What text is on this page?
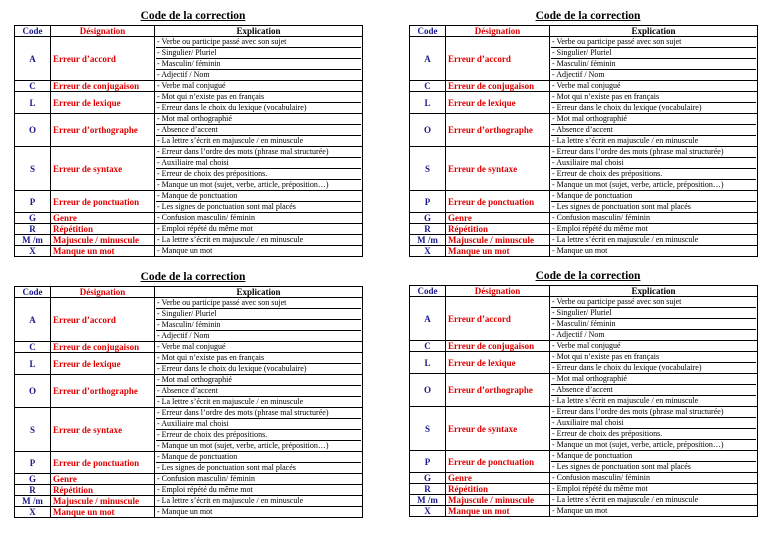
Code de la correction
Code	Désignation	Explication
A	Erreur d’accord	- Verbe ou participe passé avec son sujet
- Singulier/ Pluriel
- Masculin/ féminin
- Adjectif / Nom

C	Erreur de conjugaison	- Verbe mal conjugué

L	Erreur de lexique	- Mot qui n’existe pas en français
- Erreur dans le choix du lexique (vocabulaire)

O	Erreur d’orthographe	- Mot mal orthographié
- Absence d’accent
- La lettre s’écrit en majuscule / en minuscule

S	Erreur de syntaxe	- Erreur dans l’ordre des mots (phrase mal structurée)
- Auxiliaire mal choisi
- Erreur de choix des prépositions.
- Manque un mot (sujet, verbe, article, préposition…)

P	Erreur de ponctuation	- Manque de ponctuation
- Les signes de ponctuation sont mal placés

G	Genre	- Confusion masculin/ féminin

R	Répétition	- Emploi répété du même mot

M /m	Majuscule / minuscule	- La lettre s’écrit en majuscule / en minuscule

X	Manque un mot	- Manque un mot
Code de la correction
Code	Désignation	Explication
A	Erreur d’accord	- Verbe ou participe passé avec son sujet
- Singulier/ Pluriel
- Masculin/ féminin
- Adjectif / Nom

C	Erreur de conjugaison	- Verbe mal conjugué

L	Erreur de lexique	- Mot qui n’existe pas en français
- Erreur dans le choix du lexique (vocabulaire)

O	Erreur d’orthographe	- Mot mal orthographié
- Absence d’accent
- La lettre s’écrit en majuscule / en minuscule

S	Erreur de syntaxe	- Erreur dans l’ordre des mots (phrase mal structurée)
- Auxiliaire mal choisi
- Erreur de choix des prépositions.
- Manque un mot (sujet, verbe, article, préposition…)

P	Erreur de ponctuation	- Manque de ponctuation
- Les signes de ponctuation sont mal placés

G	Genre	- Confusion masculin/ féminin

R	Répétition	- Emploi répété du même mot

M /m	Majuscule / minuscule	- La lettre s’écrit en majuscule / en minuscule

X	Manque un mot	- Manque un mot
Code de la correction
Code	Désignation	Explication
A	Erreur d’accord	- Verbe ou participe passé avec son sujet
- Singulier/ Pluriel
- Masculin/ féminin
- Adjectif / Nom

C	Erreur de conjugaison	- Verbe mal conjugué

L	Erreur de lexique	- Mot qui n’existe pas en français
- Erreur dans le choix du lexique (vocabulaire)

O	Erreur d’orthographe	- Mot mal orthographié
- Absence d’accent
- La lettre s’écrit en majuscule / en minuscule

S	Erreur de syntaxe	- Erreur dans l’ordre des mots (phrase mal structurée)
- Auxiliaire mal choisi
- Erreur de choix des prépositions.
- Manque un mot (sujet, verbe, article, préposition…)

P	Erreur de ponctuation	- Manque de ponctuation
- Les signes de ponctuation sont mal placés

G	Genre	- Confusion masculin/ féminin

R	Répétition	- Emploi répété du même mot

M /m	Majuscule / minuscule	- La lettre s’écrit en majuscule / en minuscule

X	Manque un mot	- Manque un mot
Code de la correction
Code	Désignation	Explication
A	Erreur d’accord	- Verbe ou participe passé avec son sujet
- Singulier/ Pluriel
- Masculin/ féminin
- Adjectif / Nom

C	Erreur de conjugaison	- Verbe mal conjugué

L	Erreur de lexique	- Mot qui n’existe pas en français
- Erreur dans le choix du lexique (vocabulaire)

O	Erreur d’orthographe	- Mot mal orthographié
- Absence d’accent
- La lettre s’écrit en majuscule / en minuscule

S	Erreur de syntaxe	- Erreur dans l’ordre des mots (phrase mal structurée)
- Auxiliaire mal choisi
- Erreur de choix des prépositions.
- Manque un mot (sujet, verbe, article, préposition…)

P	Erreur de ponctuation	- Manque de ponctuation
- Les signes de ponctuation sont mal placés

G	Genre	- Confusion masculin/ féminin

R	Répétition	- Emploi répété du même mot

M /m	Majuscule / minuscule	- La lettre s’écrit en majuscule / en minuscule

X	Manque un mot	- Manque un mot
